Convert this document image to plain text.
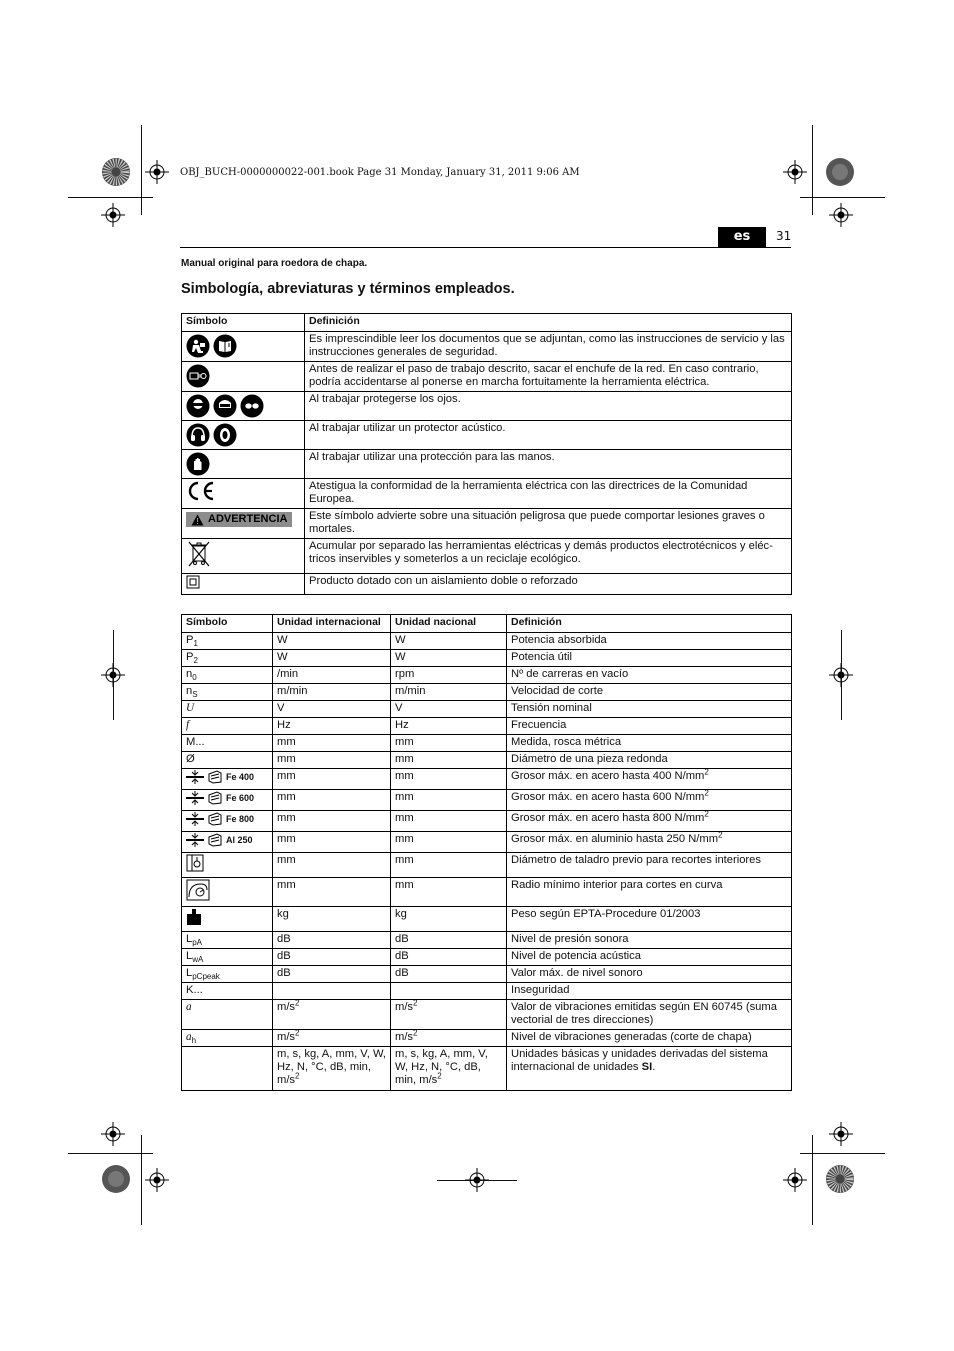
OBJ_BUCH-0000000022-001.book Page 31 Monday, January 31, 2011 9:06 AM
es	31
Manual original para roedora de chapa.
Simbología, abreviaturas y términos empleados.
Símbolo	Definición

	Es imprescindible leer los documentos que se adjuntan, como las instrucciones de servicio y las instrucciones generales de seguridad.

	Antes de realizar el paso de trabajo descrito, sacar el enchufe de la red. En caso contrario, podría accidentarse al ponerse en marcha fortuitamente la herramienta eléctrica.

	Al trabajar protegerse los ojos.

	Al trabajar utilizar un protector acústico.

	Al trabajar utilizar una protección para las manos.
	Atestigua la conformidad de la herramienta eléctrica con las directrices de la Comunidad Europea.

ADVERTENCIA	Este símbolo advierte sobre una situación peligrosa que puede comportar lesiones graves o mortales.
	Acumular por separado las herramientas eléctricas y demás productos electrotécnicos y eléc-tricos inservibles y someterlos a un reciclaje ecológico.
	Producto dotado con un aislamiento doble o reforzado
Símbolo	Unidad internacional	Unidad nacional	Definición
$P_1$	W	W	Potencia absorbida
$P_2$	W	W	Potencia útil
$n_0$	/min	rpm	Nº de carreras en vacío
$n_S$	m/min	m/min	Velocidad de corte
U	V	V	Tensión nominal
f	Hz	Hz	Frecuencia
M...	mm	mm	Medida, rosca métrica
Ø	mm	mm	Diámetro de una pieza redonda

Fe 400	mm	mm	Grosor máx. en acero hasta 400 $N/mm^2$

Fe 600	mm	mm	Grosor máx. en acero hasta 600 $N/mm^2$

Fe 800	mm	mm	Grosor máx. en acero hasta 800 $N/mm^2$

Al 250	mm	mm	Grosor máx. en aluminio hasta 250 $N/mm^2$
	mm	mm	Diámetro de taladro previo para recortes interiores
	mm	mm	Radio mínimo interior para cortes en curva
	kg	kg	Peso según EPTA-Procedure 01/2003
$L_{pA}$	dB	dB	Nivel de presión sonora
$L_{wA}$	dB	dB	Nivel de potencia acústica
$L_{pCpeak}$	dB	dB	Valor máx. de nivel sonoro
K...			Inseguridad
a	$m/s^2$	$m/s^2$	Valor de vibraciones emitidas según EN 60745 (suma vectorial de tres direcciones)
$a_h$	$m/s^2$	$m/s^2$	Nivel de vibraciones generadas (corte de chapa)
	m, s, kg, A, mm, V, W, Hz, N, °C, dB, min, $m/s^2$	m, s, kg, A, mm, V, W, Hz, N, °C, dB, min, $m/s^2$	Unidades básicas y unidades derivadas del sistema internacional de unidades SI.
